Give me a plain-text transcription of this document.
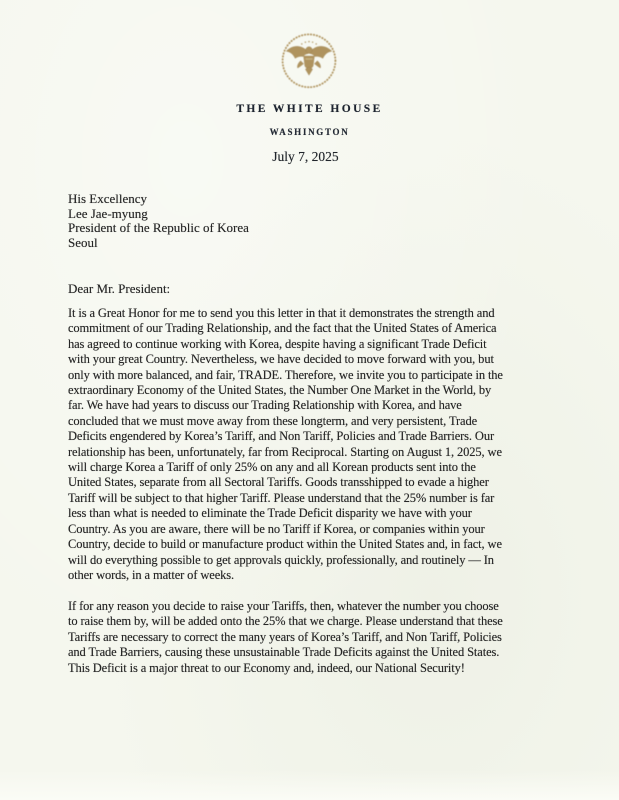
THE WHITE HOUSE
WASHINGTON
July 7, 2025
His Excellency
Lee Jae-myung
President of the Republic of Korea
Seoul
Dear Mr. President:
It is a Great Honor for me to send you this letter in that it demonstrates the strength and
commitment of our Trading Relationship, and the fact that the United States of America
has agreed to continue working with Korea, despite having a significant Trade Deficit
with your great Country. Nevertheless, we have decided to move forward with you, but
only with more balanced, and fair, TRADE. Therefore, we invite you to participate in the
extraordinary Economy of the United States, the Number One Market in the World, by
far. We have had years to discuss our Trading Relationship with Korea, and have
concluded that we must move away from these longterm, and very persistent, Trade
Deficits engendered by Korea’s Tariff, and Non Tariff, Policies and Trade Barriers. Our
relationship has been, unfortunately, far from Reciprocal. Starting on August 1, 2025, we
will charge Korea a Tariff of only 25% on any and all Korean products sent into the
United States, separate from all Sectoral Tariffs. Goods transshipped to evade a higher
Tariff will be subject to that higher Tariff. Please understand that the 25% number is far
less than what is needed to eliminate the Trade Deficit disparity we have with your
Country. As you are aware, there will be no Tariff if Korea, or companies within your
Country, decide to build or manufacture product within the United States and, in fact, we
will do everything possible to get approvals quickly, professionally, and routinely — In
other words, in a matter of weeks.
If for any reason you decide to raise your Tariffs, then, whatever the number you choose
to raise them by, will be added onto the 25% that we charge. Please understand that these
Tariffs are necessary to correct the many years of Korea’s Tariff, and Non Tariff, Policies
and Trade Barriers, causing these unsustainable Trade Deficits against the United States.
This Deficit is a major threat to our Economy and, indeed, our National Security!
